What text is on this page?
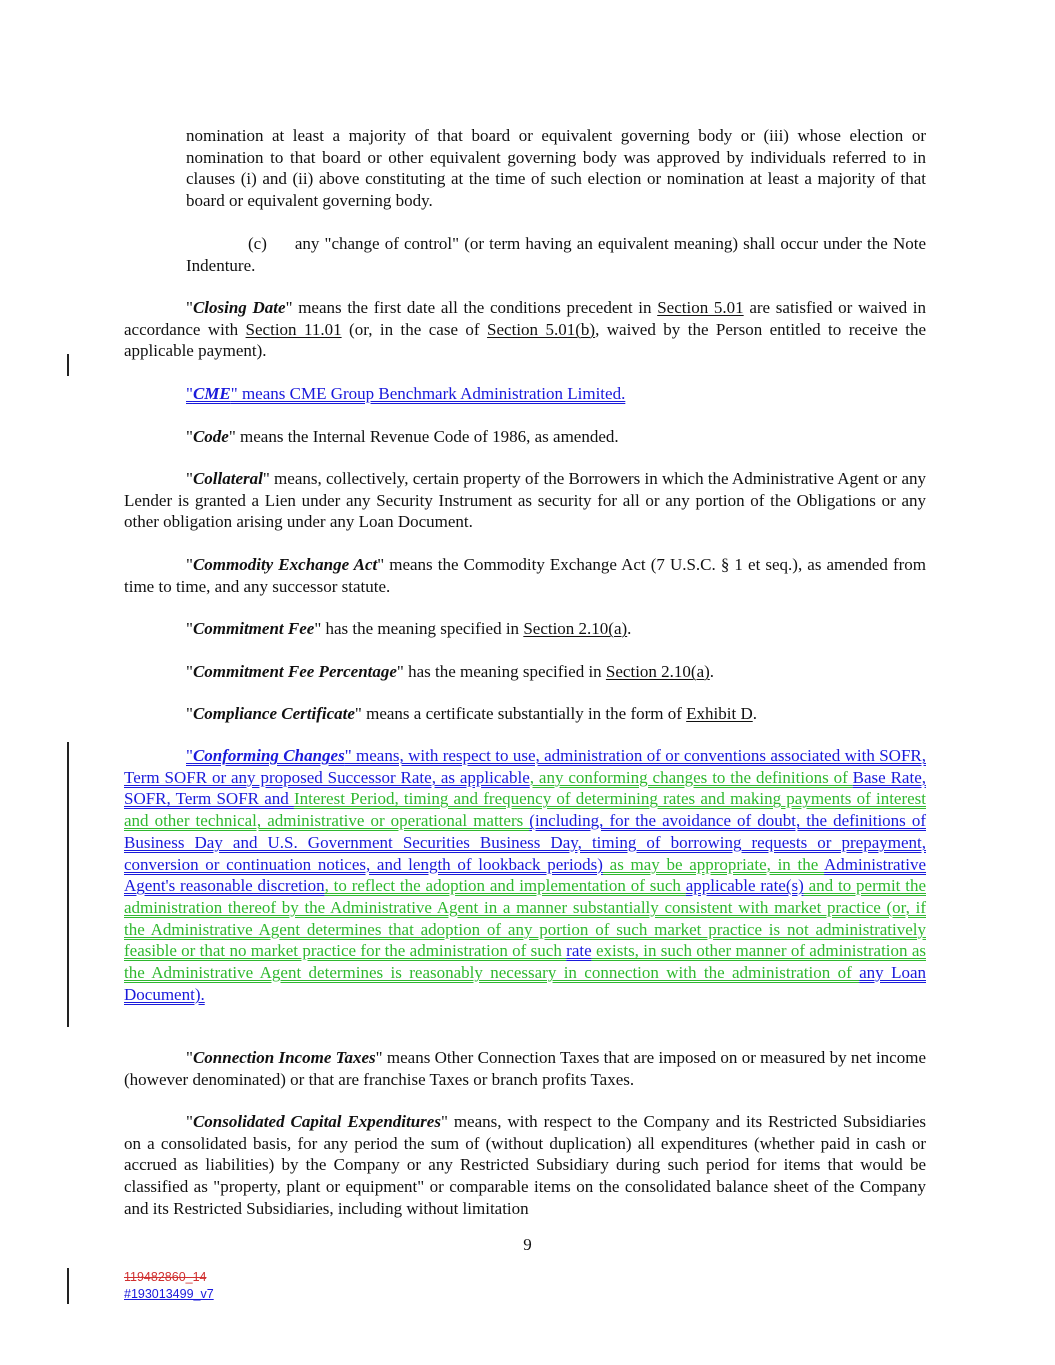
nomination at least a majority of that board or equivalent governing body or (iii) whose election or nomination to that board or other equivalent governing body was approved by individuals referred to in clauses (i) and (ii) above constituting at the time of such election or nomination at least a majority of that board or equivalent governing body.

(c) any "change of control" (or term having an equivalent meaning) shall occur under the Note Indenture.

"Closing Date" means the first date all the conditions precedent in Section 5.01 are satisfied or waived in accordance with Section 11.01 (or, in the case of Section 5.01(b), waived by the Person entitled to receive the applicable payment).

"CME" means CME Group Benchmark Administration Limited.

"Code" means the Internal Revenue Code of 1986, as amended.

"Collateral" means, collectively, certain property of the Borrowers in which the Administrative Agent or any Lender is granted a Lien under any Security Instrument as security for all or any portion of the Obligations or any other obligation arising under any Loan Document.

"Commodity Exchange Act" means the Commodity Exchange Act (7 U.S.C. § 1 et seq.), as amended from time to time, and any successor statute.

"Commitment Fee" has the meaning specified in Section 2.10(a).

"Commitment Fee Percentage" has the meaning specified in Section 2.10(a).

"Compliance Certificate" means a certificate substantially in the form of Exhibit D.

"Conforming Changes" means, with respect to use, administration of or conventions associated with SOFR, Term SOFR or any proposed Successor Rate, as applicable, any conforming changes to the definitions of Base Rate, SOFR, Term SOFR and Interest Period, timing and frequency of determining rates and making payments of interest and other technical, administrative or operational matters (including, for the avoidance of doubt, the definitions of Business Day and U.S. Government Securities Business Day, timing of borrowing requests or prepayment, conversion or continuation notices, and length of lookback periods) as may be appropriate, in the Administrative Agent's reasonable discretion, to reflect the adoption and implementation of such applicable rate(s) and to permit the administration thereof by the Administrative Agent in a manner substantially consistent with market practice (or, if the Administrative Agent determines that adoption of any portion of such market practice is not administratively feasible or that no market practice for the administration of such rate exists, in such other manner of administration as the Administrative Agent determines is reasonably necessary in connection with the administration of any Loan Document).

"Connection Income Taxes" means Other Connection Taxes that are imposed on or measured by net income (however denominated) or that are franchise Taxes or branch profits Taxes.

"Consolidated Capital Expenditures" means, with respect to the Company and its Restricted Subsidiaries on a consolidated basis, for any period the sum of (without duplication) all expenditures (whether paid in cash or accrued as liabilities) by the Company or any Restricted Subsidiary during such period for items that would be classified as "property, plant or equipment" or comparable items on the consolidated balance sheet of the Company and its Restricted Subsidiaries, including without limitation

9
119482860_14
#193013499_v7
